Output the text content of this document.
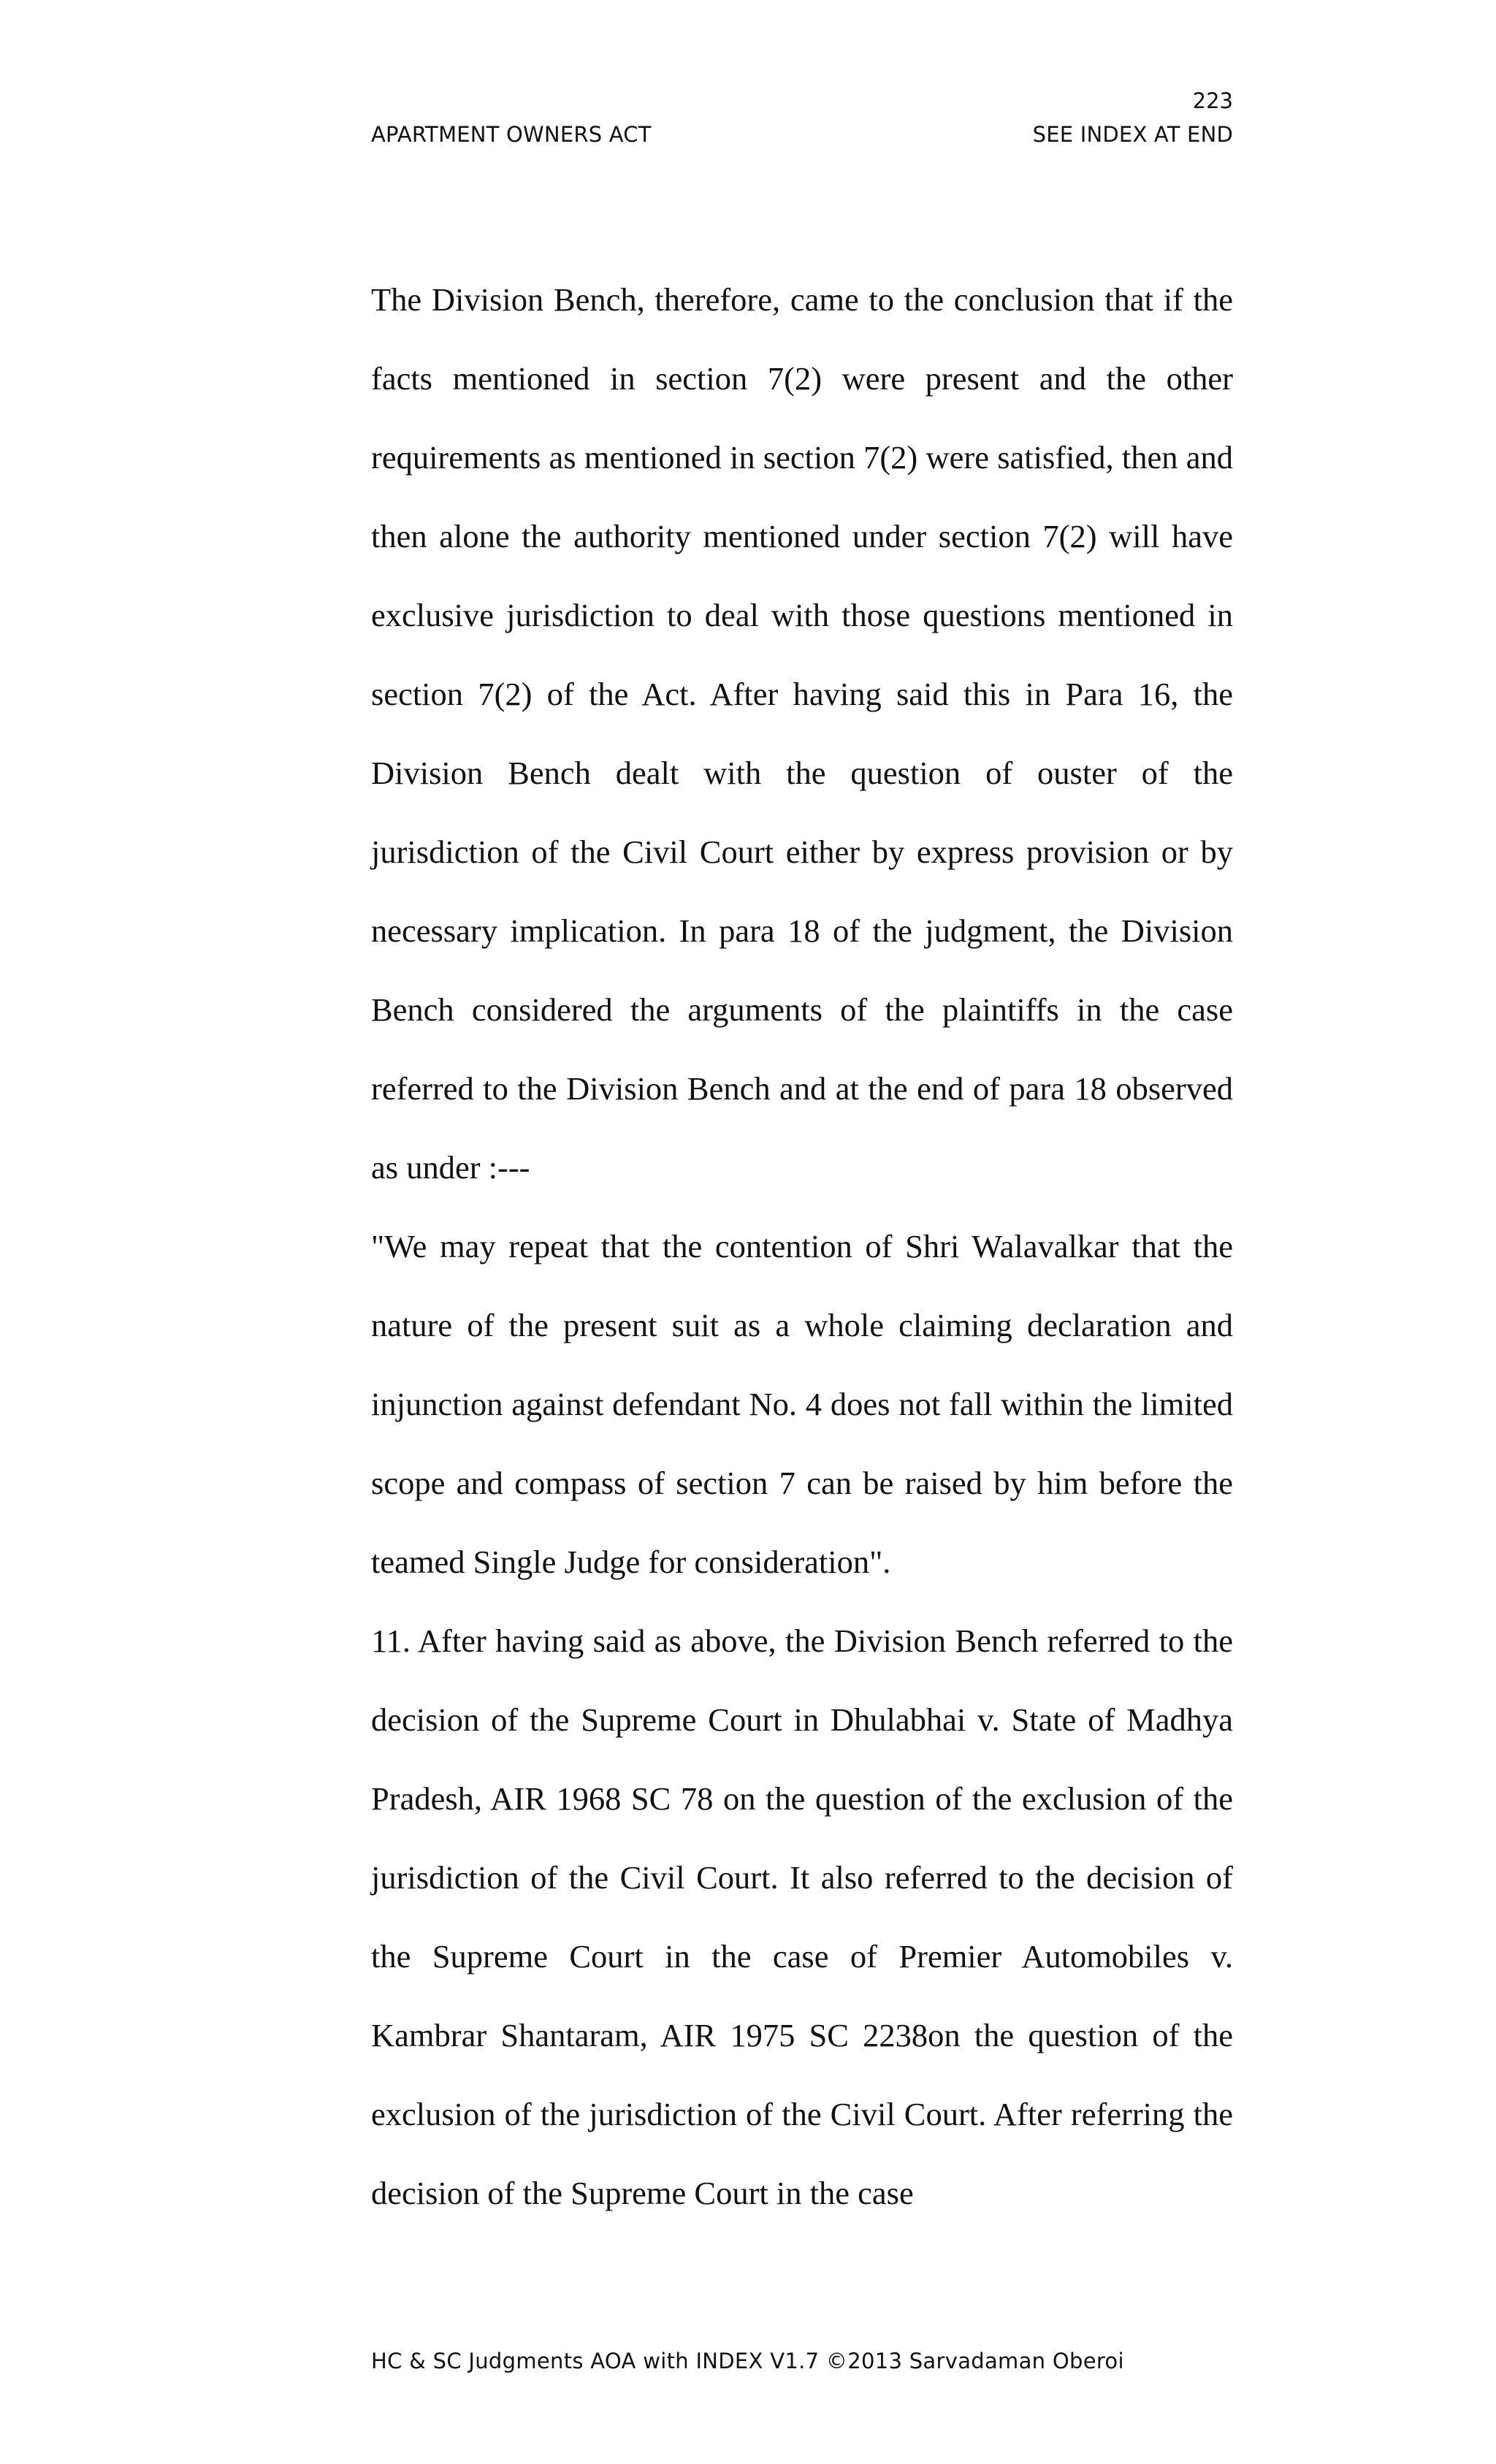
223
APARTMENT OWNERS ACT	SEE INDEX AT END

The Division Bench, therefore, came to the conclusion that if the facts mentioned in section 7(2) were present and the other requirements as mentioned in section 7(2) were satisfied, then and then alone the authority mentioned under section 7(2) will have exclusive jurisdiction to deal with those questions mentioned in section 7(2) of the Act. After having said this in Para 16, the Division Bench dealt with the question of ouster of the jurisdiction of the Civil Court either by express provision or by necessary implication. In para 18 of the judgment, the Division Bench considered the arguments of the plaintiffs in the case referred to the Division Bench and at the end of para 18 observed as under :---

"We may repeat that the contention of Shri Walavalkar that the nature of the present suit as a whole claiming declaration and injunction against defendant No. 4 does not fall within the limited scope and compass of section 7 can be raised by him before the teamed Single Judge for consideration".

11. After having said as above, the Division Bench referred to the decision of the Supreme Court in Dhulabhai v. State of Madhya Pradesh, AIR 1968 SC 78 on the question of the exclusion of the jurisdiction of the Civil Court. It also referred to the decision of the Supreme Court in the case of Premier Automobiles v. Kambrar Shantaram, AIR 1975 SC 2238on the question of the exclusion of the jurisdiction of the Civil Court. After referring the decision of the Supreme Court in the case

HC & SC Judgments AOA with INDEX V1.7 ©2013 Sarvadaman Oberoi
